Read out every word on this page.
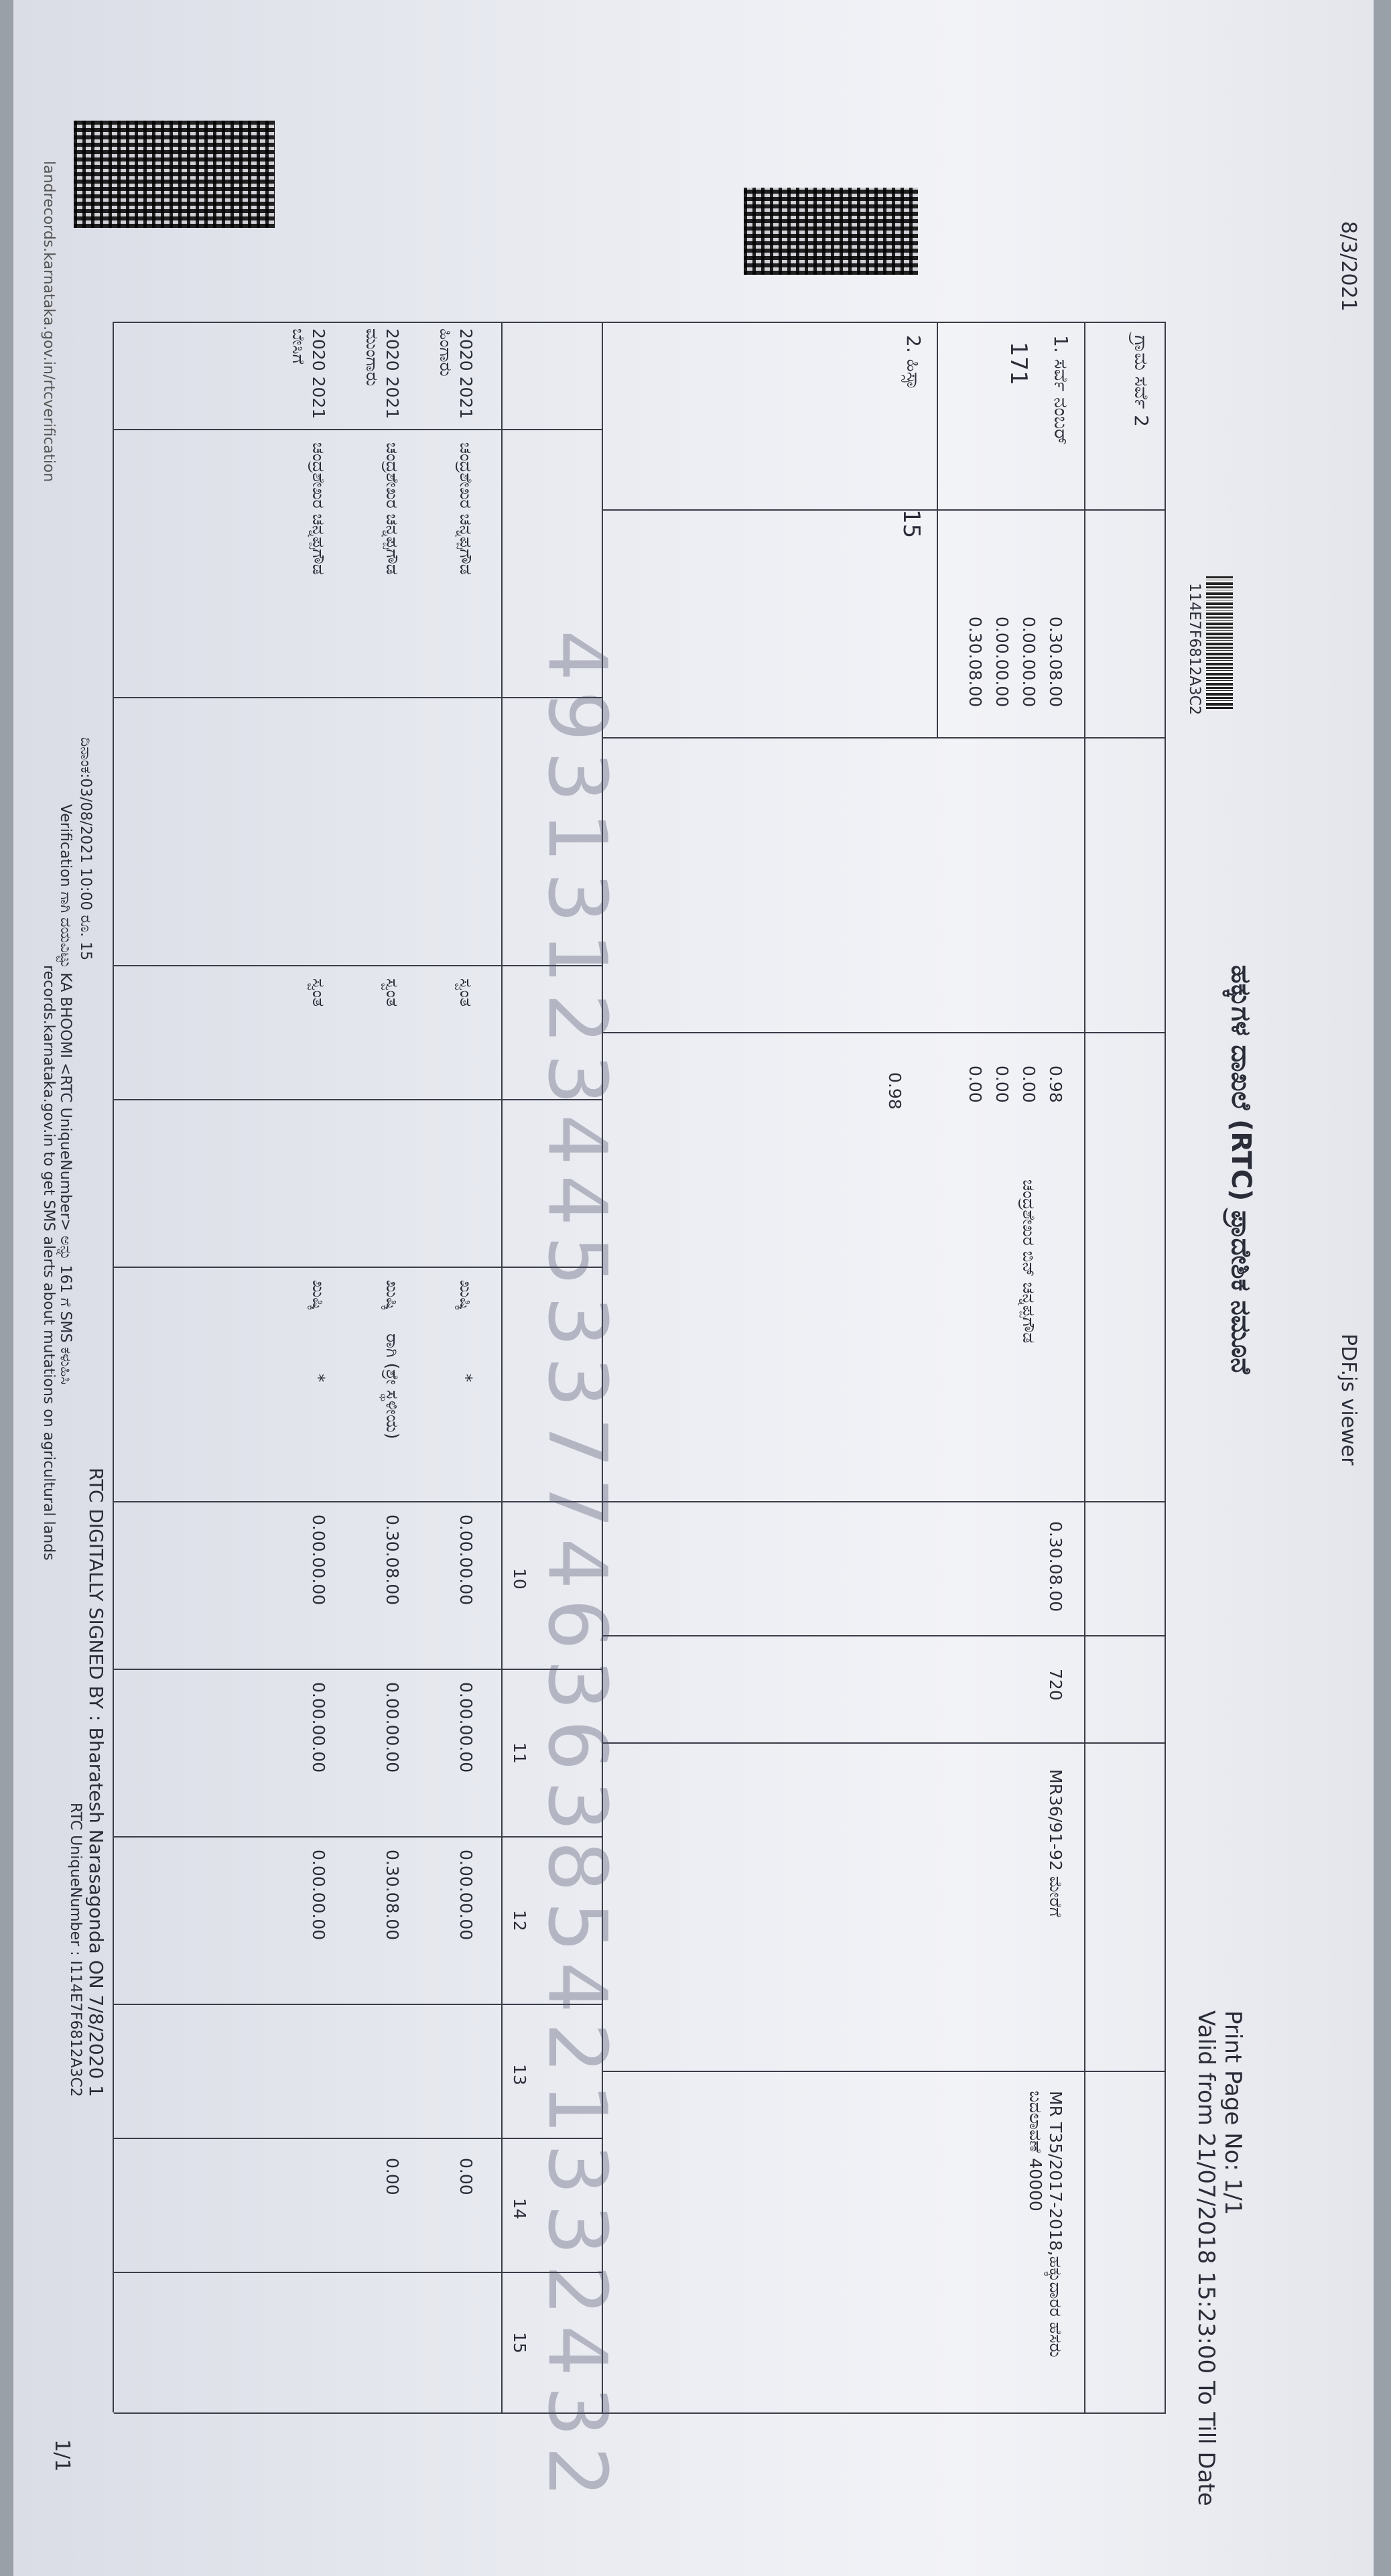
8/3/2021
PDF.js viewer
1/1
ಹಕ್ಕುಗಳ ದಾಖಲೆ (RTC) ಪ್ರಾದೇಶಿಕ ನಮೂನೆ
Print Page No: 1/1
Valid from 21/07/2018 15:23:00 To Till Date
114E7F6812A3C2
ಗ್ರಾಮ ಸರ್ವೆ 2
1. ಸರ್ವೆ ನಂಬರ್
171
2. ಹಿಸ್ಸಾ
15
0.30.08.00
0.00.00.00
0.00.00.00
0.30.08.00
0.98
0.00
0.00
0.00
0.98
ಚಂದ್ರಶೇಖರ ಬಿನ್ ಚನ್ನಪ್ಪಗೌಡ
0.30.08.00
720
MR36/91-92 ಮೇರೆಗೆ
MR T35/2017-2018,ಹಕ್ಕುದಾರರ ಹೆಸರು ಬದಲಾವಣೆ 40000
10
11
12
13
14
15
2020 2021
ಹಿಂಗಾರು
ಚಂದ್ರಶೇಖರ ಚನ್ನಪ್ಪಗೌಡ
ಸ್ವಂತ
ಖುಷ್ಕಿ
*
0.00.00.00
0.00.00.00
0.00.00.00
0.00
2020 2021
ಮುಂಗಾರು
ಚಂದ್ರಶೇಖರ ಚನ್ನಪ್ಪಗೌಡ
ಸ್ವಂತ
ಖುಷ್ಕಿ
ರಾಗಿ (ಶ್ರೇ ಸ್ಥಳೀಯ)
0.30.08.00
0.00.00.00
0.30.08.00
0.00
2020 2021
ಬೇಸಿಗೆ
ಚಂದ್ರಶೇಖರ ಚನ್ನಪ್ಪಗೌಡ
ಸ್ವಂತ
ಖುಷ್ಕಿ
*
0.00.00.00
0.00.00.00
0.00.00.00	4931312344533774636385421332432
RTC DIGITALLY SIGNED BY : Bharatesh Narasagonda ON 7/8/2020 1
RTC UniqueNumber : I114E7F6812A3C2
Verification ಗಾಗಿ ದಯವಿಟ್ಟು KA BHOOMI <RTC UniqueNumber> ಅನ್ನು 161 ಗೆ SMS ಕಳುಹಿಸಿ
records.karnataka.gov.in to get SMS alerts about mutations on agricultural lands
ದಿನಾಂಕ:03/08/2021 10:00 ರೂ. 15
landrecords.karnataka.gov.in/rtcverification
